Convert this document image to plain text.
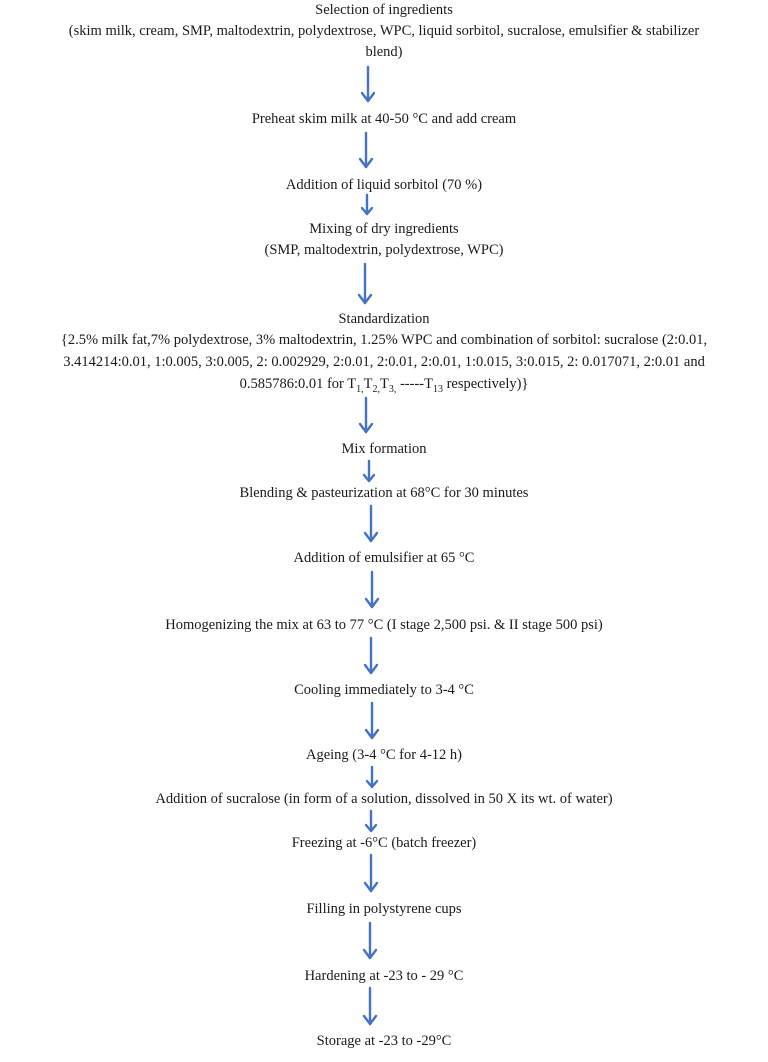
Selection of ingredients
(skim milk, cream, SMP, maltodextrin, polydextrose, WPC, liquid sorbitol, sucralose, emulsifier & stabilizer
blend)
Preheat skim milk at 40-50 °C and add cream
Addition of liquid sorbitol (70 %)
Mixing of dry ingredients
(SMP, maltodextrin, polydextrose, WPC)
Standardization
{2.5% milk fat,7% polydextrose, 3% maltodextrin, 1.25% WPC and combination of sorbitol: sucralose (2:0.01,
3.414214:0.01, 1:0.005, 3:0.005, 2: 0.002929, 2:0.01, 2:0.01, 2:0.01, 1:0.015, 3:0.015, 2: 0.017071, 2:0.01 and
0.585786:0.01 for $T_{1,}T_{2,}T_{3,}$ $-----T_{13}$ respectively)}
Mix formation
Blending & pasteurization at 68°C for 30 minutes
Addition of emulsifier at 65 °C
Homogenizing the mix at 63 to 77 °C (I stage 2,500 psi. & II stage 500 psi)
Cooling immediately to 3-4 °C
Ageing (3-4 °C for 4-12 h)
Addition of sucralose (in form of a solution, dissolved in 50 X its wt. of water)
Freezing at -6°C (batch freezer)
Filling in polystyrene cups
Hardening at -23 to - 29 °C
Storage at -23 to -29°C
